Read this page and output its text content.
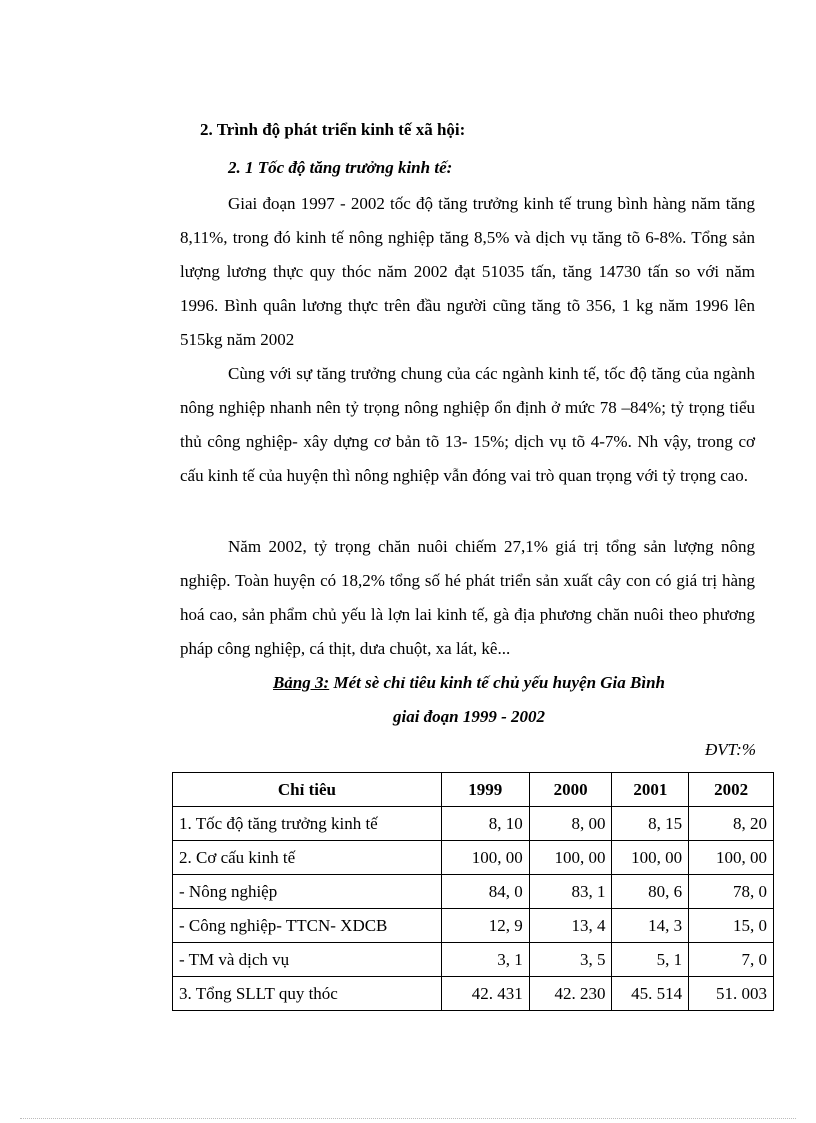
2. Trình độ phát triển kinh tế xã hội:
2. 1 Tốc độ tăng trưởng kinh tế:

Giai đoạn 1997 - 2002 tốc độ tăng trưởng kinh tế trung bình hàng năm tăng 8,11%, trong đó kinh tế nông nghiệp tăng 8,5% và dịch vụ tăng tõ 6-8%. Tổng sản lượng lương thực quy thóc năm 2002 đạt 51035 tấn, tăng 14730 tấn so với năm 1996. Bình quân lương thực trên đầu người cũng tăng tõ 356, 1 kg năm 1996 lên 515kg năm 2002

Cùng với sự tăng trưởng chung của các ngành kinh tế, tốc độ tăng của ngành nông nghiệp nhanh nên tỷ trọng nông nghiệp ổn định ở mức 78 –84%; tỷ trọng tiểu thủ công nghiệp- xây dựng cơ bản tõ 13- 15%; dịch vụ tõ 4-7%. Nh vậy, trong cơ cấu kinh tế của huyện thì nông nghiệp vẫn đóng vai trò quan trọng với tỷ trọng cao.

Năm 2002, tỷ trọng chăn nuôi chiếm 27,1% giá trị tổng sản lượng nông nghiệp. Toàn huyện có 18,2% tổng số hé phát triển sản xuất cây con có giá trị hàng hoá cao, sản phẩm chủ yếu là lợn lai kinh tế, gà địa phương chăn nuôi theo phương pháp công nghiệp, cá thịt, dưa chuột, xa lát, kê...

Bảng 3: Mét sè chỉ tiêu kinh tế chủ yếu huyện Gia Bình
giai đoạn 1999 - 2002
ĐVT:%
Chỉ tiêu	1999	2000	2001	2002
1. Tốc độ tăng trưởng kinh tế	8, 10	8, 00	8, 15	8, 20
2. Cơ cấu kinh tế	100, 00	100, 00	100, 00	100, 00
- Nông nghiệp	84, 0	83, 1	80, 6	78, 0
- Công nghiệp- TTCN- XDCB	12, 9	13, 4	14, 3	15, 0
- TM và dịch vụ	3, 1	3, 5	5, 1	7, 0
3. Tổng SLLT quy thóc	42. 431	42. 230	45. 514	51. 003
